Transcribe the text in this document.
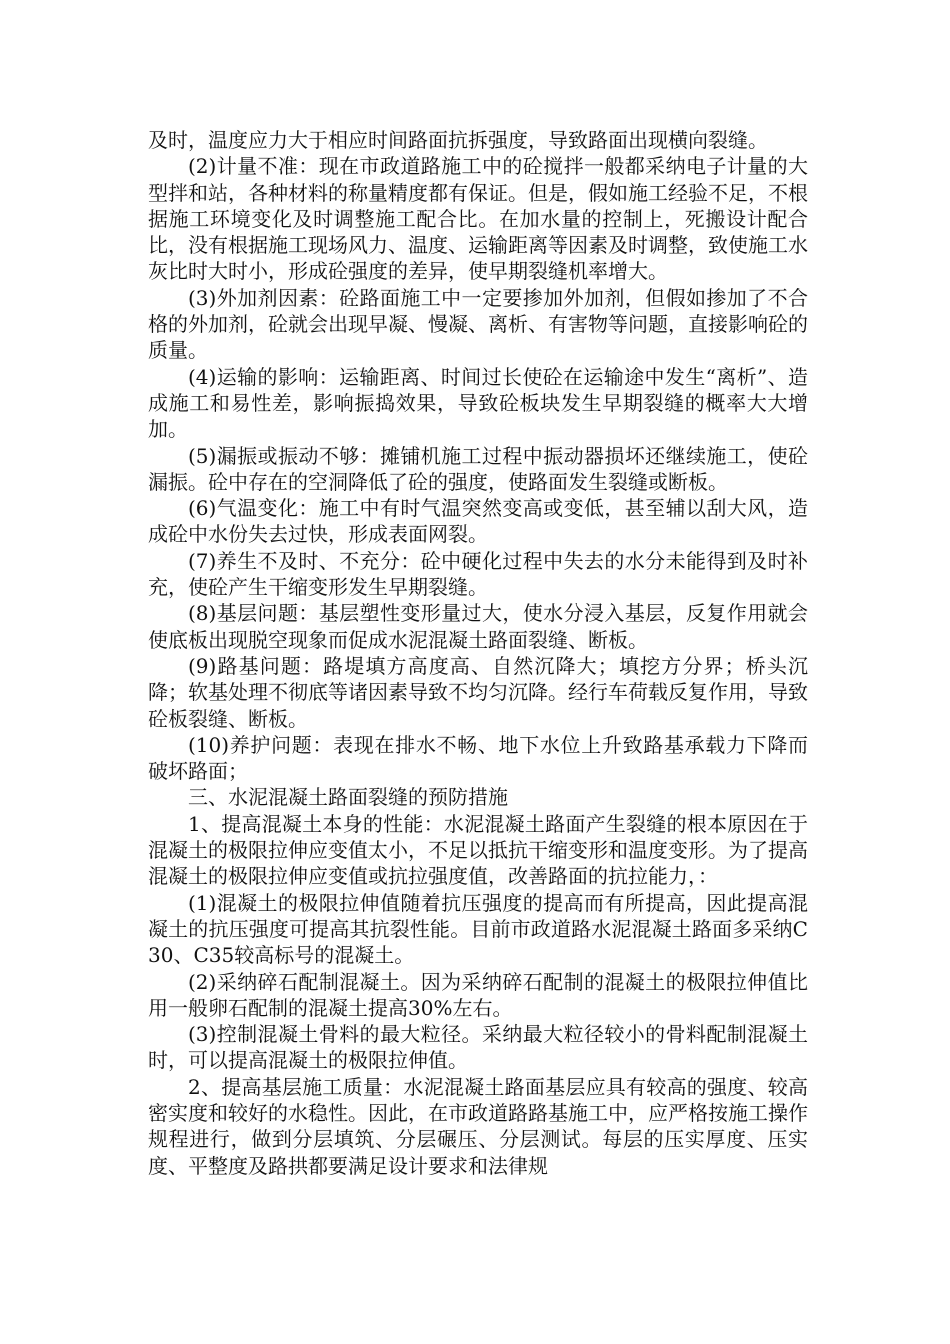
及时，温度应力大于相应时间路面抗拆强度，导致路面出现横向裂缝。

(2)计量不准：现在市政道路施工中的砼搅拌一般都采纳电子计量的大型拌和站，各种材料的称量精度都有保证。但是，假如施工经验不足，不根据施工环境变化及时调整施工配合比。在加水量的控制上，死搬设计配合比，没有根据施工现场风力、温度、运输距离等因素及时调整，致使施工水灰比时大时小，形成砼强度的差异，使早期裂缝机率增大。

(3)外加剂因素：砼路面施工中一定要掺加外加剂，但假如掺加了不合格的外加剂，砼就会出现早凝、慢凝、离析、有害物等问题，直接影响砼的质量。

(4)运输的影响：运输距离、时间过长使砼在运输途中发生“离析”、造成施工和易性差，影响振捣效果，导致砼板块发生早期裂缝的概率大大增加。

(5)漏振或振动不够：摊铺机施工过程中振动器损坏还继续施工，使砼漏振。砼中存在的空洞降低了砼的强度，使路面发生裂缝或断板。

(6)气温变化：施工中有时气温突然变高或变低，甚至辅以刮大风，造成砼中水份失去过快，形成表面网裂。

(7)养生不及时、不充分：砼中硬化过程中失去的水分未能得到及时补充，使砼产生干缩变形发生早期裂缝。

(8)基层问题：基层塑性变形量过大，使水分浸入基层，反复作用就会使底板出现脱空现象而促成水泥混凝土路面裂缝、断板。

(9)路基问题：路堤填方高度高、自然沉降大；填挖方分界；桥头沉降；软基处理不彻底等诸因素导致不均匀沉降。经行车荷载反复作用，导致砼板裂缝、断板。

(10)养护问题：表现在排水不畅、地下水位上升致路基承载力下降而破坏路面；

三、水泥混凝土路面裂缝的预防措施

1、提高混凝土本身的性能：水泥混凝土路面产生裂缝的根本原因在于混凝土的极限拉伸应变值太小，不足以抵抗干缩变形和温度变形。为了提高混凝土的极限拉伸应变值或抗拉强度值，改善路面的抗拉能力，：

(1)混凝土的极限拉伸值随着抗压强度的提高而有所提高，因此提高混凝土的抗压强度可提高其抗裂性能。目前市政道路水泥混凝土路面多采纳C30、C35较高标号的混凝土。

(2)采纳碎石配制混凝土。因为采纳碎石配制的混凝土的极限拉伸值比用一般卵石配制的混凝土提高30%左右。

(3)控制混凝土骨料的最大粒径。采纳最大粒径较小的骨料配制混凝土时，可以提高混凝土的极限拉伸值。

2、提高基层施工质量：水泥混凝土路面基层应具有较高的强度、较高密实度和较好的水稳性。因此，在市政道路路基施工中，应严格按施工操作规程进行，做到分层填筑、分层碾压、分层测试。每层的压实厚度、压实度、平整度及路拱都要满足设计要求和法律规
